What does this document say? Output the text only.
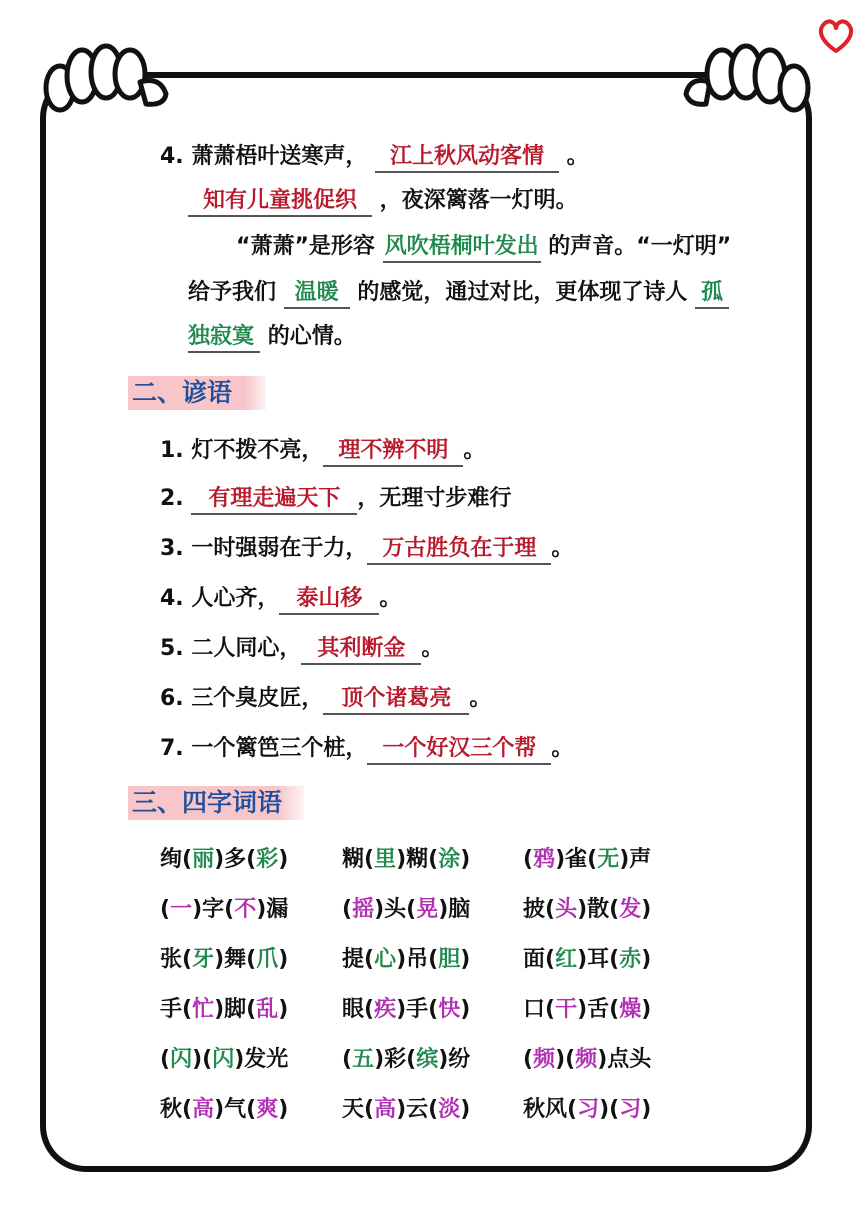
4. 萧萧梧叶送寒声， 江上秋风动客情 。
知有儿童挑促织 ，夜深篱落一灯明。
“萧萧”是形容 风吹梧桐叶发出 的声音。“一灯明”
给予我们 温暖 的感觉，通过对比，更体现了诗人 孤
独寂寞 的心情。
二、谚语
1. 灯不拨不亮， 理不辨不明 。
2. 有理走遍天下 ，无理寸步难行
3. 一时强弱在于力， 万古胜负在于理 。
4. 人心齐， 泰山移 。
5. 二人同心， 其利断金 。
6. 三个臭皮匠， 顶个诸葛亮 。
7. 一个篱笆三个桩， 一个好汉三个帮 。
三、四字词语
绚(丽)多(彩) 糊(里)糊(涂) (鸦)雀(无)声
(一)字(不)漏 (摇)头(晃)脑 披(头)散(发)
张(牙)舞(爪) 提(心)吊(胆) 面(红)耳(赤)
手(忙)脚(乱) 眼(疾)手(快) 口(干)舌(燥)
(闪)(闪)发光 (五)彩(缤)纷 (频)(频)点头
秋(高)气(爽) 天(高)云(淡) 秋风(习)(习)
